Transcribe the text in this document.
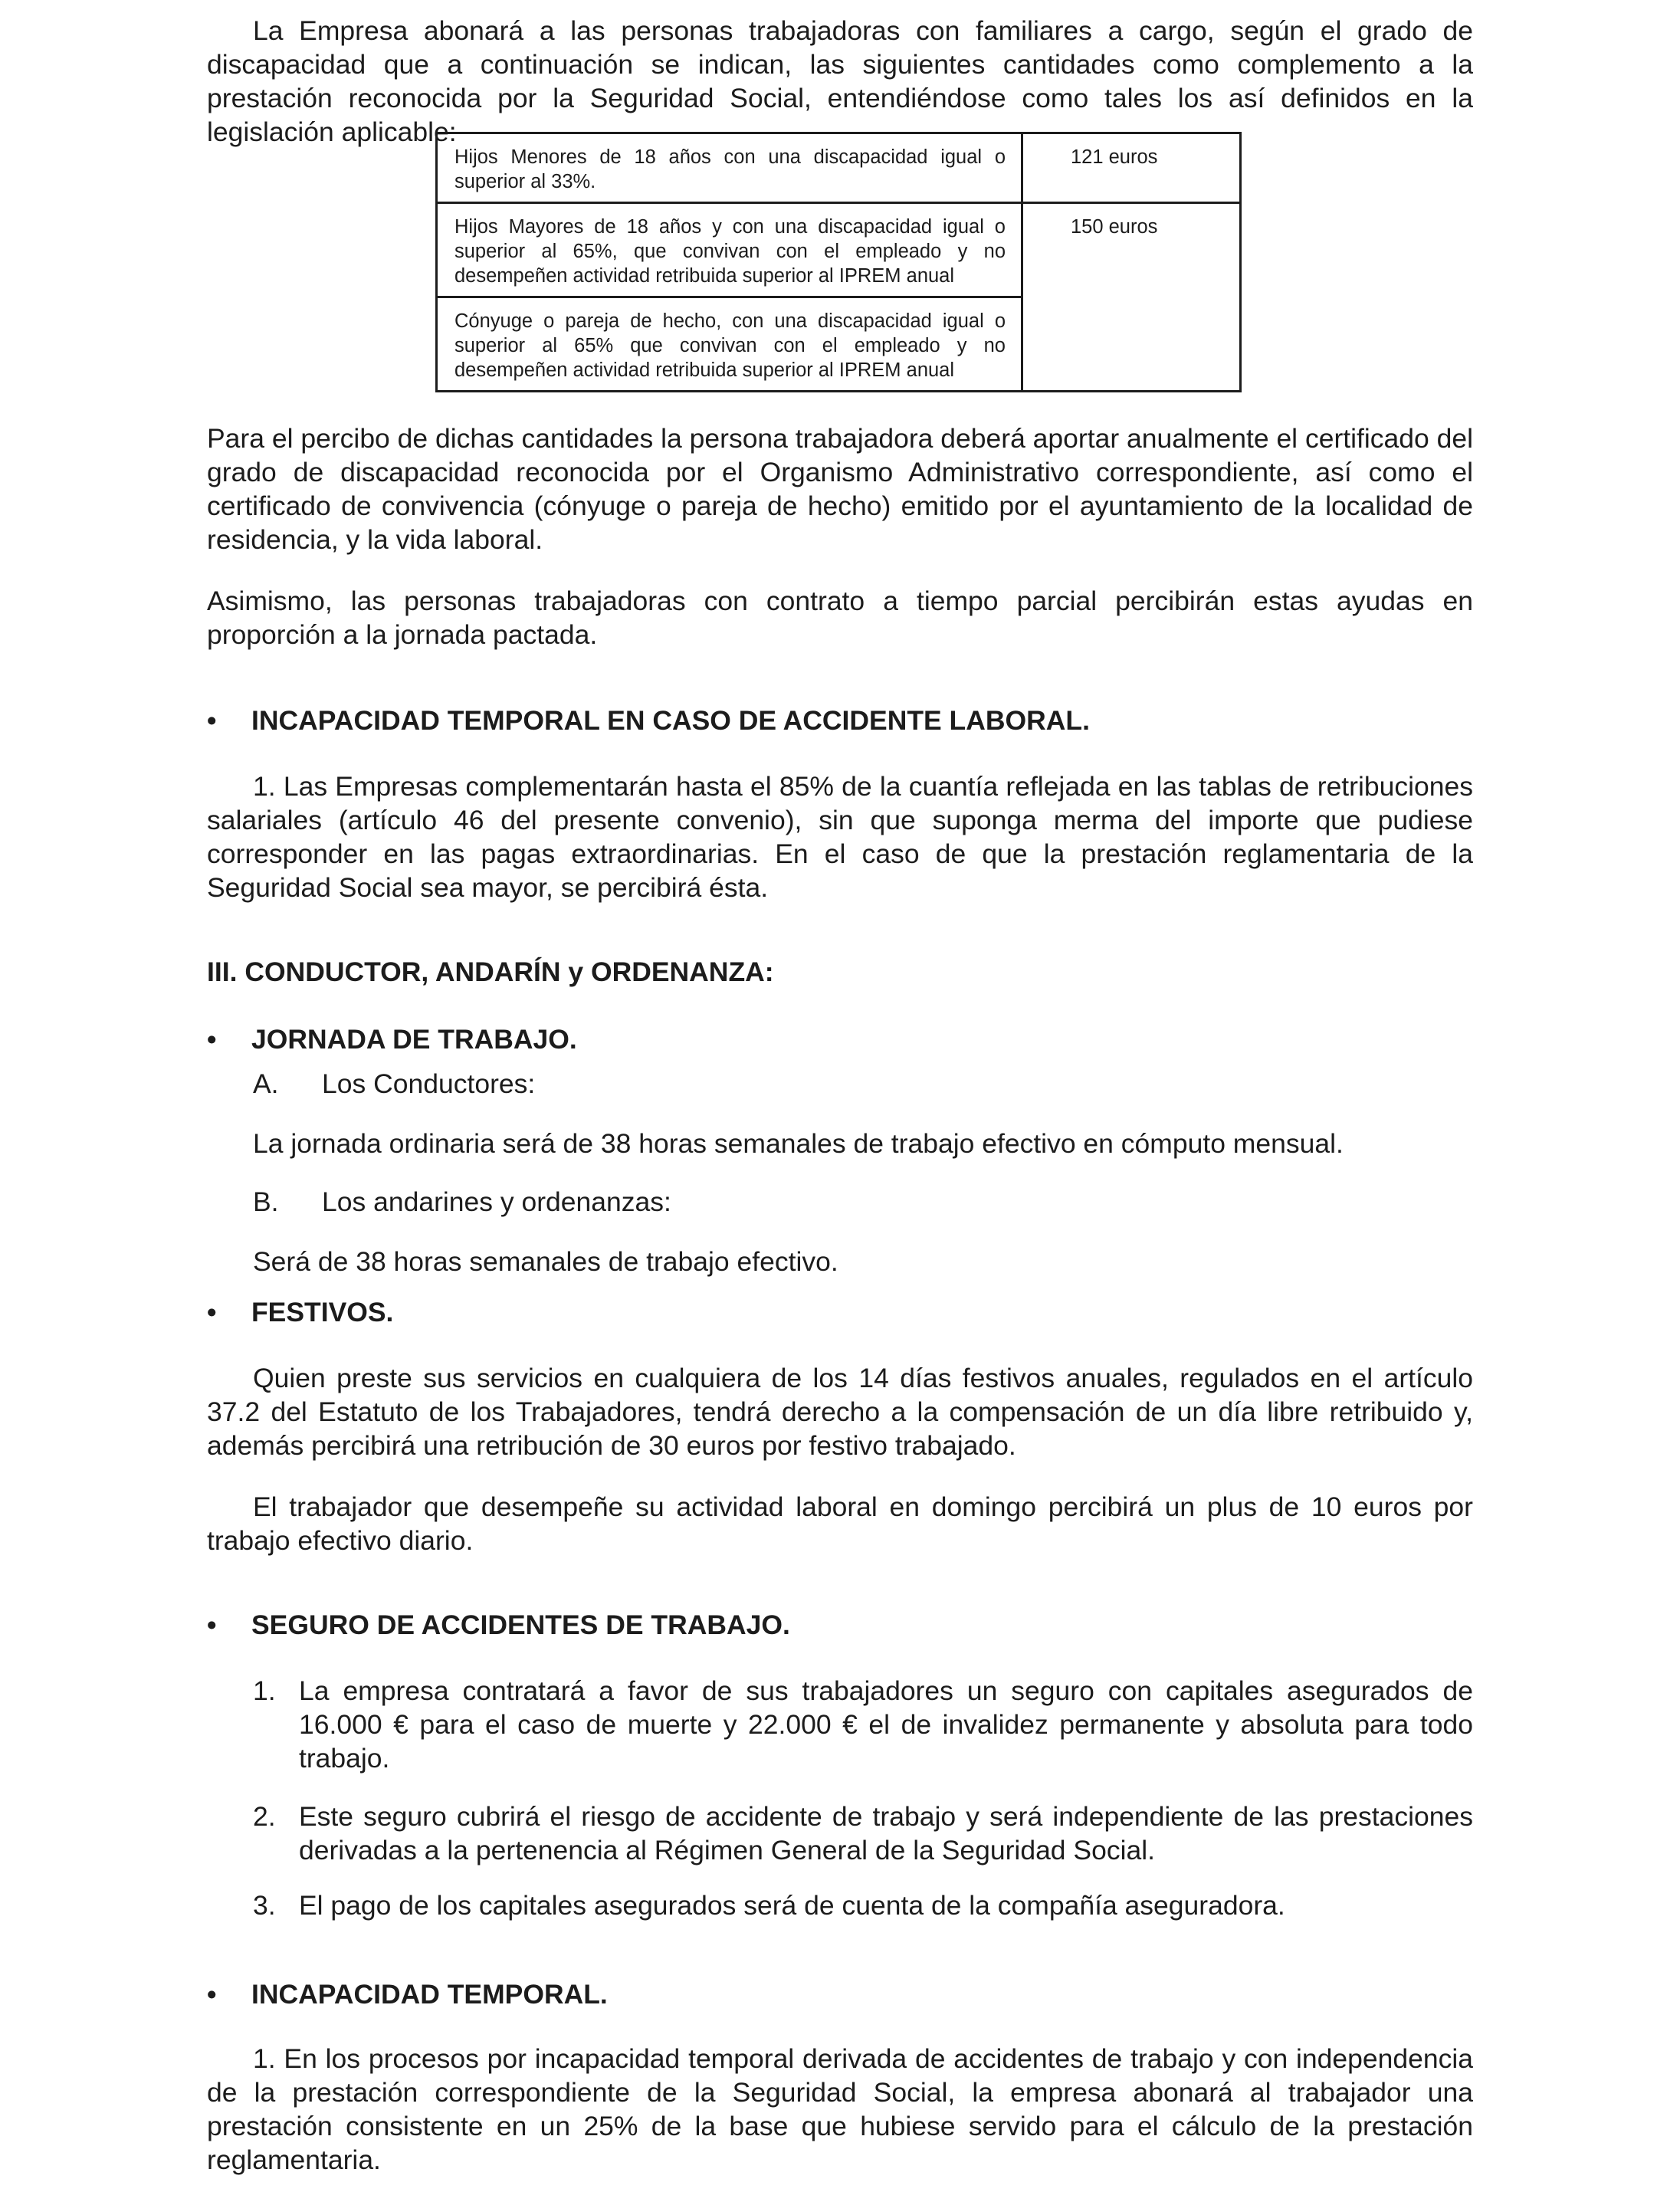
La Empresa abonará a las personas trabajadoras con familiares a cargo, según el grado de discapacidad que a continuación se indican, las siguientes cantidades como complemento a la prestación reconocida por la Seguridad Social, entendiéndose como tales los así definidos en la legislación aplicable:

Hijos Menores de 18 años con una discapacidad igual o superior al 33%.	121 euros
Hijos Mayores de 18 años y con una discapacidad igual o superior al 65%, que convivan con el empleado y no desempeñen actividad retribuida superior al IPREM anual	150 euros
Cónyuge o pareja de hecho, con una discapacidad igual o superior al 65% que convivan con el empleado y no desempeñen actividad retribuida superior al IPREM anual	

Para el percibo de dichas cantidades la persona trabajadora deberá aportar anualmente el certificado del grado de discapacidad reconocida por el Organismo Administrativo correspondiente, así como el certificado de convivencia (cónyuge o pareja de hecho) emitido por el ayuntamiento de la localidad de residencia, y la vida laboral.

Asimismo, las personas trabajadoras con contrato a tiempo parcial percibirán estas ayudas en proporción a la jornada pactada.

• INCAPACIDAD TEMPORAL EN CASO DE ACCIDENTE LABORAL.

1. Las Empresas complementarán hasta el 85% de la cuantía reflejada en las tablas de retribuciones salariales (artículo 46 del presente convenio), sin que suponga merma del importe que pudiese corresponder en las pagas extraordinarias. En el caso de que la prestación reglamentaria de la Seguridad Social sea mayor, se percibirá ésta.

III. CONDUCTOR, ANDARÍN y ORDENANZA:

• JORNADA DE TRABAJO.
A. Los Conductores:

La jornada ordinaria será de 38 horas semanales de trabajo efectivo en cómputo mensual.

B. Los andarines y ordenanzas:

Será de 38 horas semanales de trabajo efectivo.

• FESTIVOS.

Quien preste sus servicios en cualquiera de los 14 días festivos anuales, regulados en el artículo 37.2 del Estatuto de los Trabajadores, tendrá derecho a la compensación de un día libre retribuido y, además percibirá una retribución de 30 euros por festivo trabajado.

El trabajador que desempeñe su actividad laboral en domingo percibirá un plus de 10 euros por trabajo efectivo diario.

• SEGURO DE ACCIDENTES DE TRABAJO.
1. La empresa contratará a favor de sus trabajadores un seguro con capitales asegurados de 16.000 € para el caso de muerte y 22.000 € el de invalidez permanente y absoluta para todo trabajo.
2. Este seguro cubrirá el riesgo de accidente de trabajo y será independiente de las prestaciones derivadas a la pertenencia al Régimen General de la Seguridad Social.
3. El pago de los capitales asegurados será de cuenta de la compañía aseguradora.
• INCAPACIDAD TEMPORAL.

1. En los procesos por incapacidad temporal derivada de accidentes de trabajo y con independencia de la prestación correspondiente de la Seguridad Social, la empresa abonará al trabajador una prestación consistente en un 25% de la base que hubiese servido para el cálculo de la prestación reglamentaria.
